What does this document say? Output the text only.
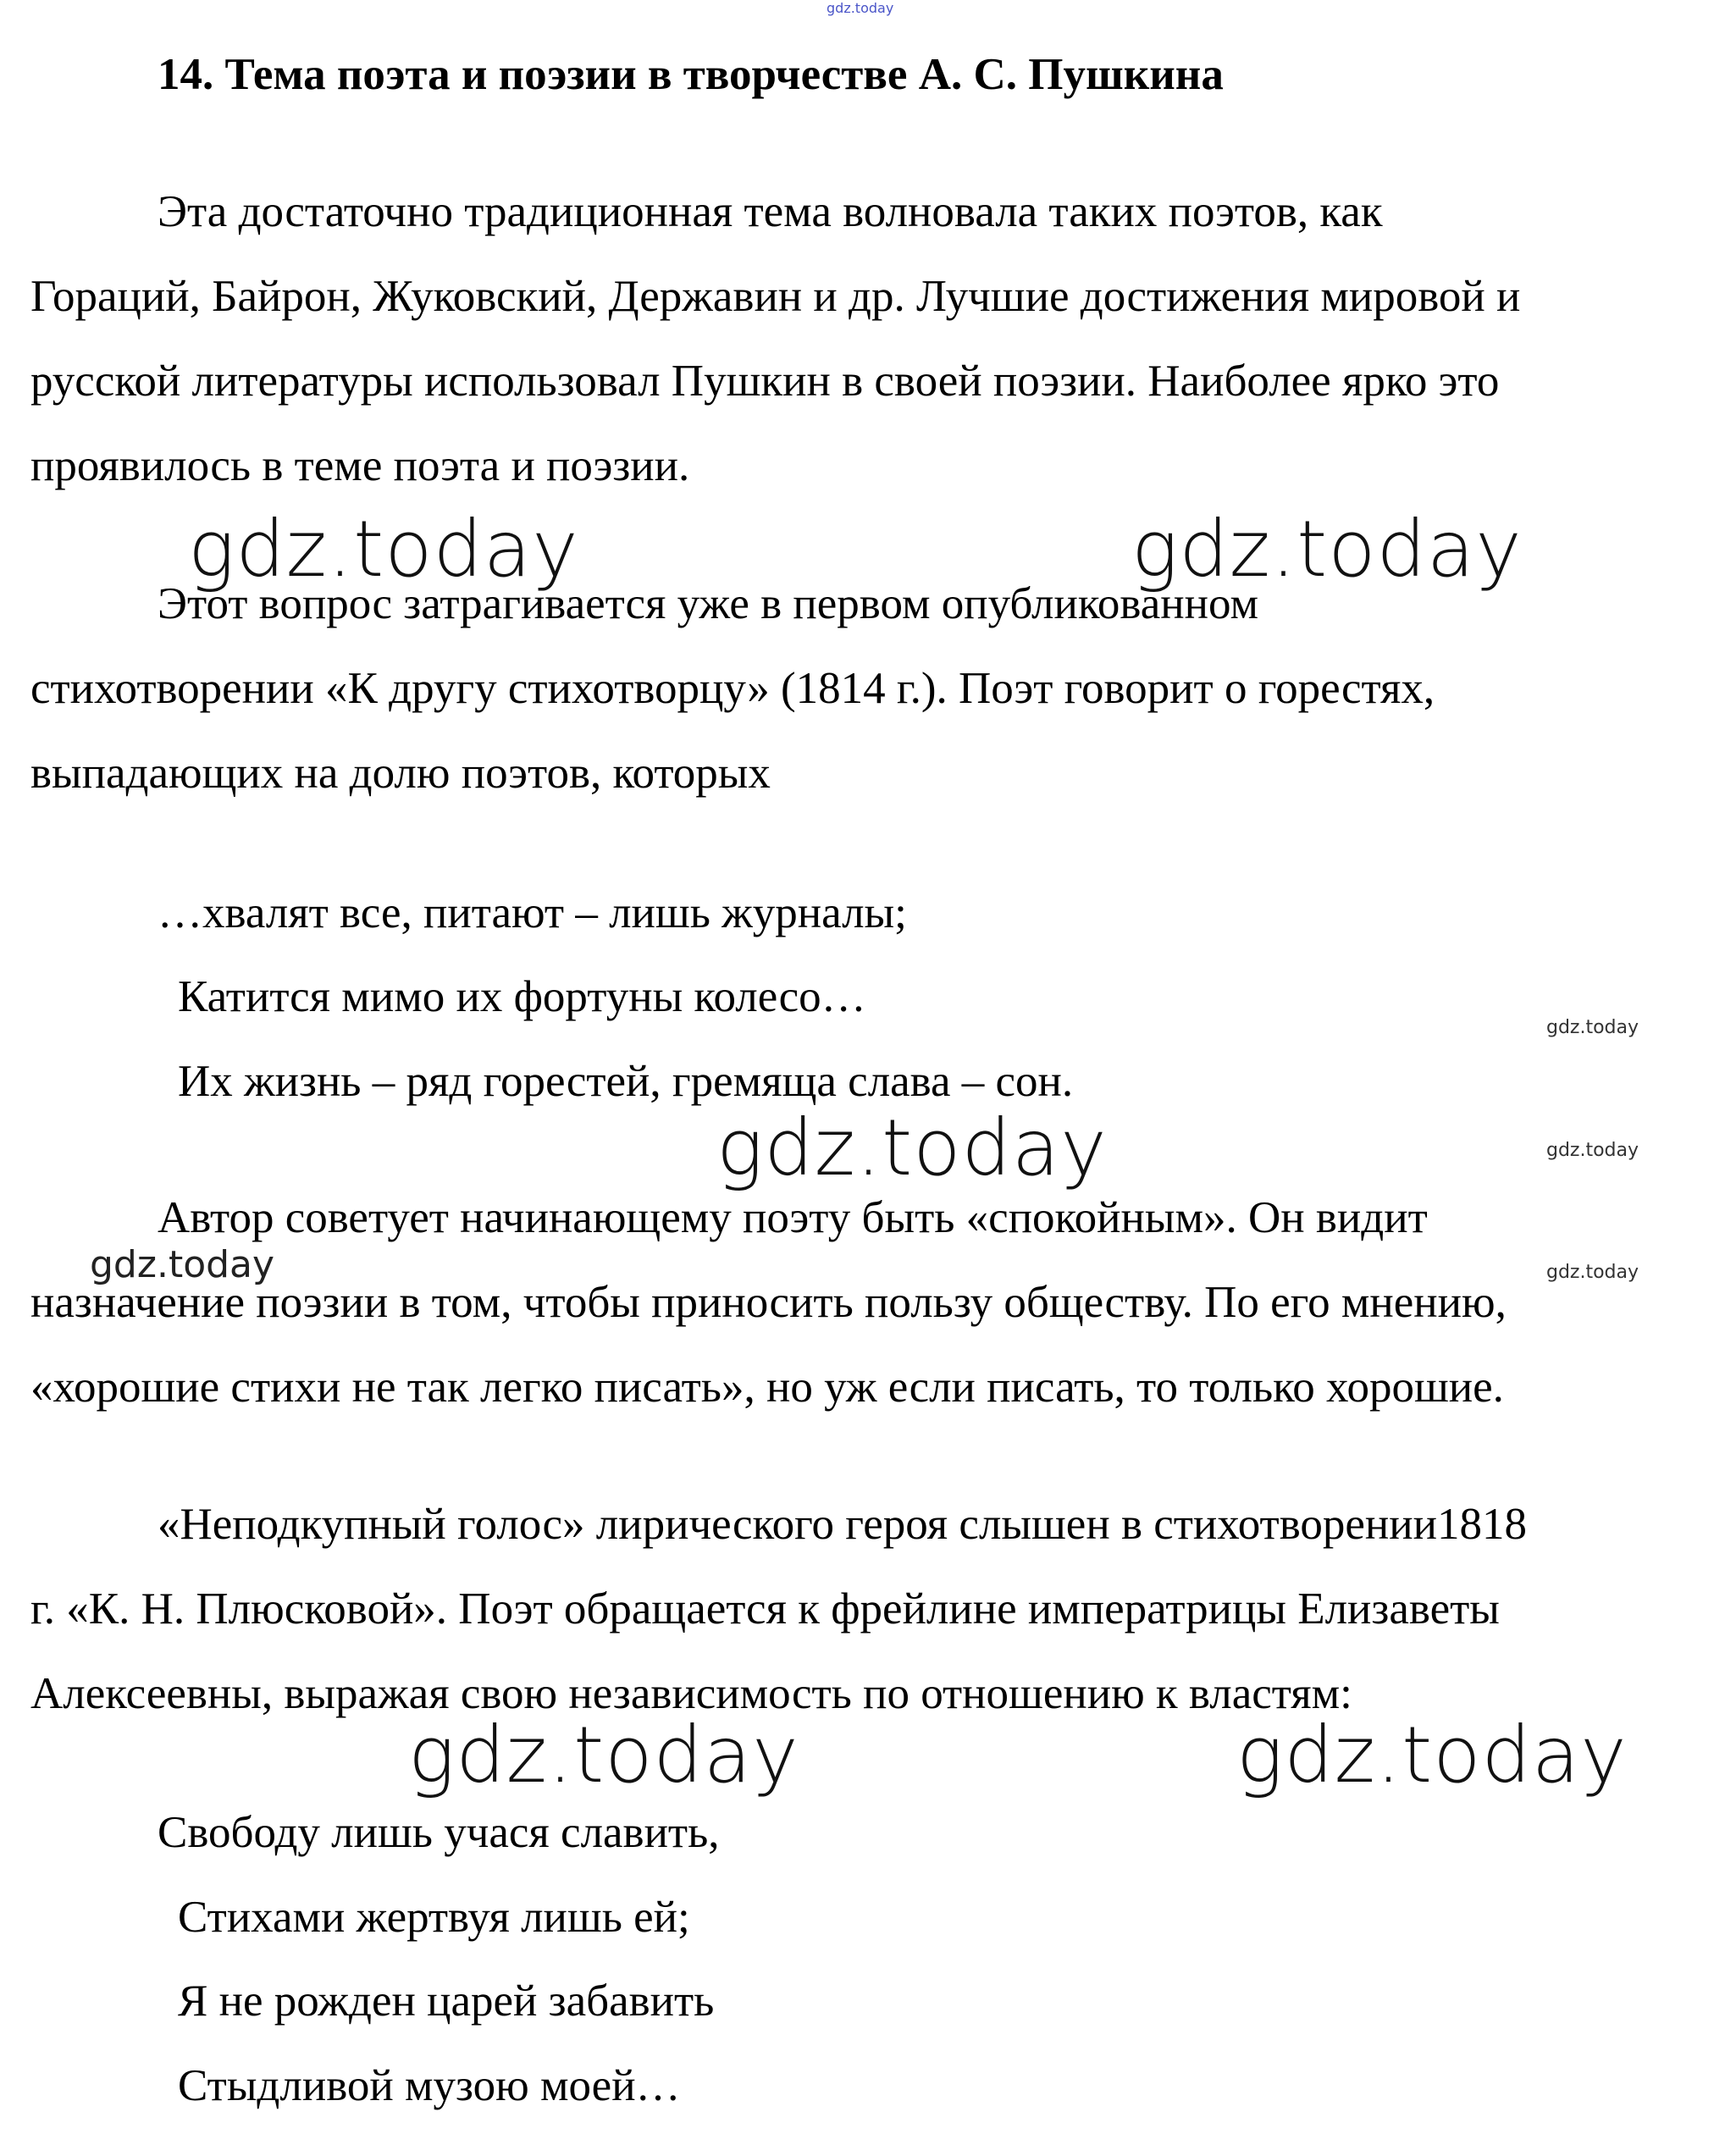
gdz.today
gdz.today	gdz.today
gdz.today
gdz.today	gdz.today
gdz.today	gdz.today
gdz.today	gdz.today
14. Тема поэта и поэзии в творчестве А. С. Пушкина
Эта достаточно традиционная тема волновала таких поэтов, как
Гораций, Байрон, Жуковский, Державин и др. Лучшие достижения мировой и
русской литературы использовал Пушкин в своей поэзии. Наиболее ярко это
проявилось в теме поэта и поэзии.
Этот вопрос затрагивается уже в первом опубликованном
стихотворении «К другу стихотворцу» (1814 г.). Поэт говорит о горестях,
выпадающих на долю поэтов, которых
…хвалят все, питают – лишь журналы;
Катится мимо их фортуны колесо…
Их жизнь – ряд горестей, гремяща слава – сон.
Автор советует начинающему поэту быть «спокойным». Он видит
назначение поэзии в том, чтобы приносить пользу обществу. По его мнению,
«хорошие стихи не так легко писать», но уж если писать, то только хорошие.
«Неподкупный голос» лирического героя слышен в стихотворении1818
г. «К. Н. Плюсковой». Поэт обращается к фрейлине императрицы Елизаветы
Алексеевны, выражая свою независимость по отношению к властям:
Свободу лишь учася славить,
Стихами жертвуя лишь ей;
Я не рожден царей забавить
Стыдливой музою моей…
